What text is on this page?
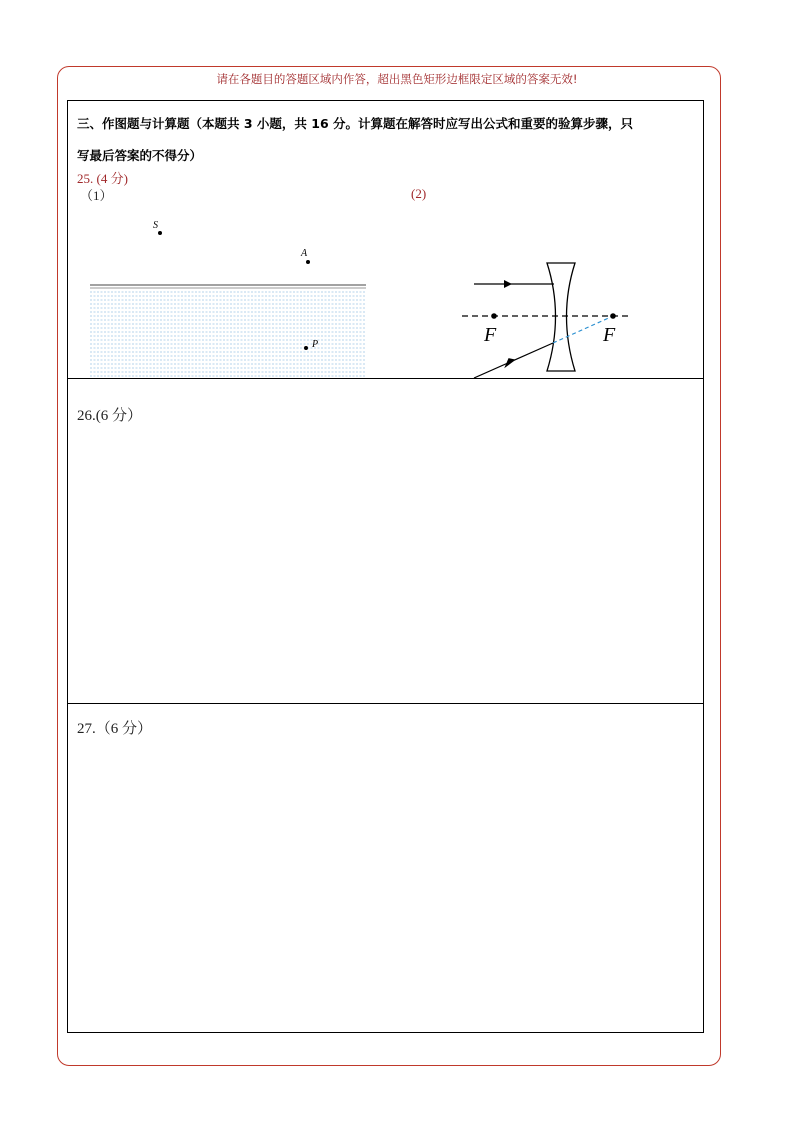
请在各题目的答题区域内作答，超出黑色矩形边框限定区域的答案无效!
三、作图题与计算题（本题共 3 小题，共 16 分。计算题在解答时应写出公式和重要的验算步骤，只
写最后答案的不得分）
25. (4 分)
（1）	(2)
S
A
P	F	F
26.(6 分）
27.（6 分）
